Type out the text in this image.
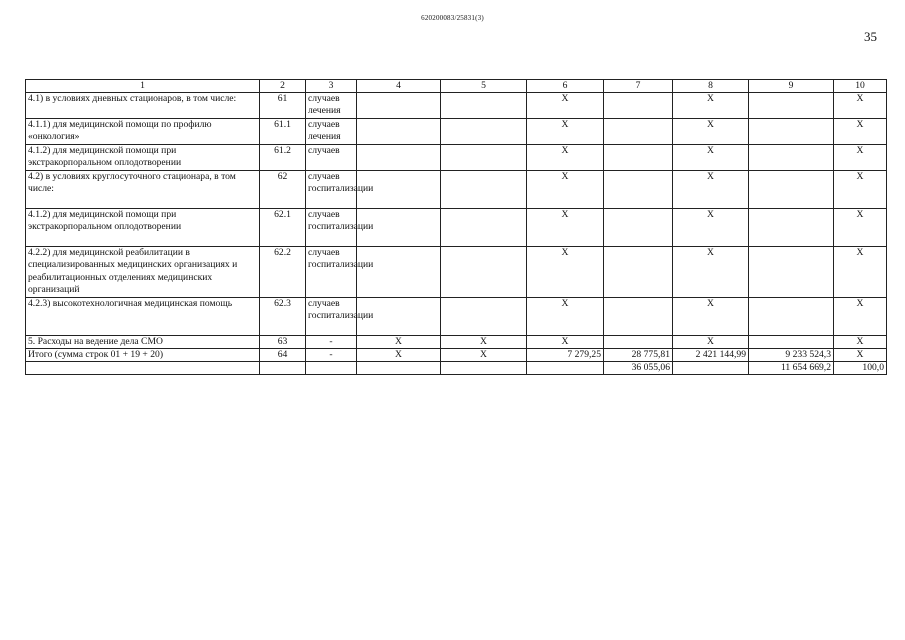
620200083/25831(3)
35
1	2	3	4	5	6	7	8	9	10
4.1) в условиях дневных стационаров, в том числе:	61	случаев лечения			X		X		X
4.1.1) для медицинской помощи по профилю «онкология»	61.1	случаев лечения			X		X		X
4.1.2) для медицинской помощи при экстракорпоральном оплодотворении	61.2	случаев			X		X		X
4.2) в условиях круглосуточного стационара, в том числе:	62	случаев госпитализации			X		X		X
4.1.2) для медицинской помощи при экстракорпоральном оплодотворении	62.1	случаев госпитализации			X		X		X
4.2.2) для медицинской реабилитации в специализированных медицинских организациях и реабилитационных отделениях медицинских организаций	62.2	случаев госпитализации			X		X		X
4.2.3) высокотехнологичная медицинская помощь	62.3	случаев госпитализации			X		X		X
5. Расходы на ведение дела СМО	63	-	X	X	X		X		X
Итого (сумма строк 01 + 19 + 20)	64	-	X	X	7 279,25	28 775,81	2 421 144,99	9 233 524,3	X
						36 055,06		11 654 669,2	100,0
